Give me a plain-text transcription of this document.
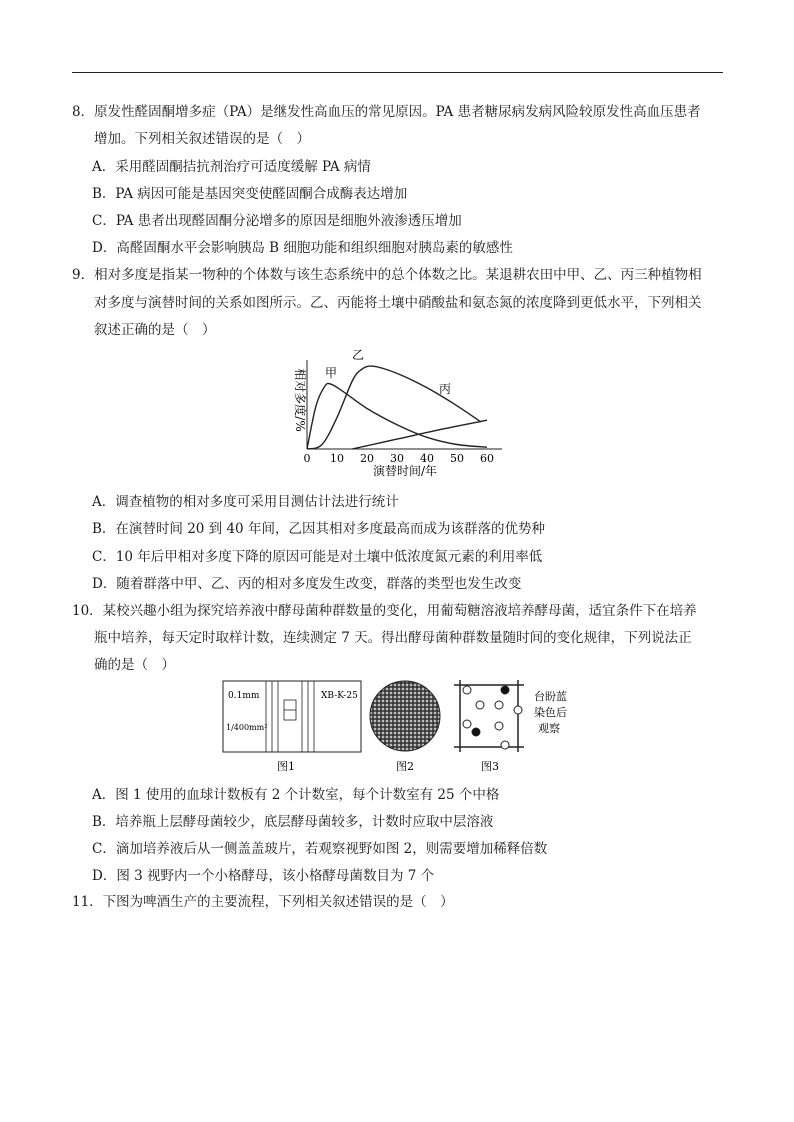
8．原发性醛固酮增多症（PA）是继发性高血压的常见原因。PA 患者糖尿病发病风险较原发性高血压患者
增加。下列相关叙述错误的是（　）
A．采用醛固酮拮抗剂治疗可适度缓解 PA 病情
B．PA 病因可能是基因突变使醛固酮合成酶表达增加
C．PA 患者出现醛固酮分泌增多的原因是细胞外液渗透压增加
D．高醛固酮水平会影响胰岛 B 细胞功能和组织细胞对胰岛素的敏感性
9．相对多度是指某一物种的个体数与该生态系统中的总个体数之比。某退耕农田中甲、乙、丙三种植物相
对多度与演替时间的关系如图所示。乙、丙能将土壤中硝酸盐和氨态氮的浓度降到更低水平，下列相关
叙述正确的是（　）
相对多度/%
0 10 20 30 40 50 60
甲
乙
丙
演替时间/年
A．调查植物的相对多度可采用目测估计法进行统计
B．在演替时间 20 到 40 年间，乙因其相对多度最高而成为该群落的优势种
C．10 年后甲相对多度下降的原因可能是对土壤中低浓度氮元素的利用率低
D．随着群落中甲、乙、丙的相对多度发生改变，群落的类型也发生改变
10．某校兴趣小组为探究培养液中酵母菌种群数量的变化，用葡萄糖溶液培养酵母菌，适宜条件下在培养
瓶中培养，每天定时取样计数，连续测定 7 天。得出酵母菌种群数量随时间的变化规律，下列说法正
确的是（　）
0.1mm
1/400mm²
XB-K-25
图1	图2	图3
台盼蓝
染色后
观察
A．图 1 使用的血球计数板有 2 个计数室，每个计数室有 25 个中格
B．培养瓶上层酵母菌较少，底层酵母菌较多，计数时应取中层溶液
C．滴加培养液后从一侧盖盖玻片，若观察视野如图 2，则需要增加稀释倍数
D．图 3 视野内一个小格酵母，该小格酵母菌数目为 7 个
11．下图为啤酒生产的主要流程，下列相关叙述错误的是（　）
